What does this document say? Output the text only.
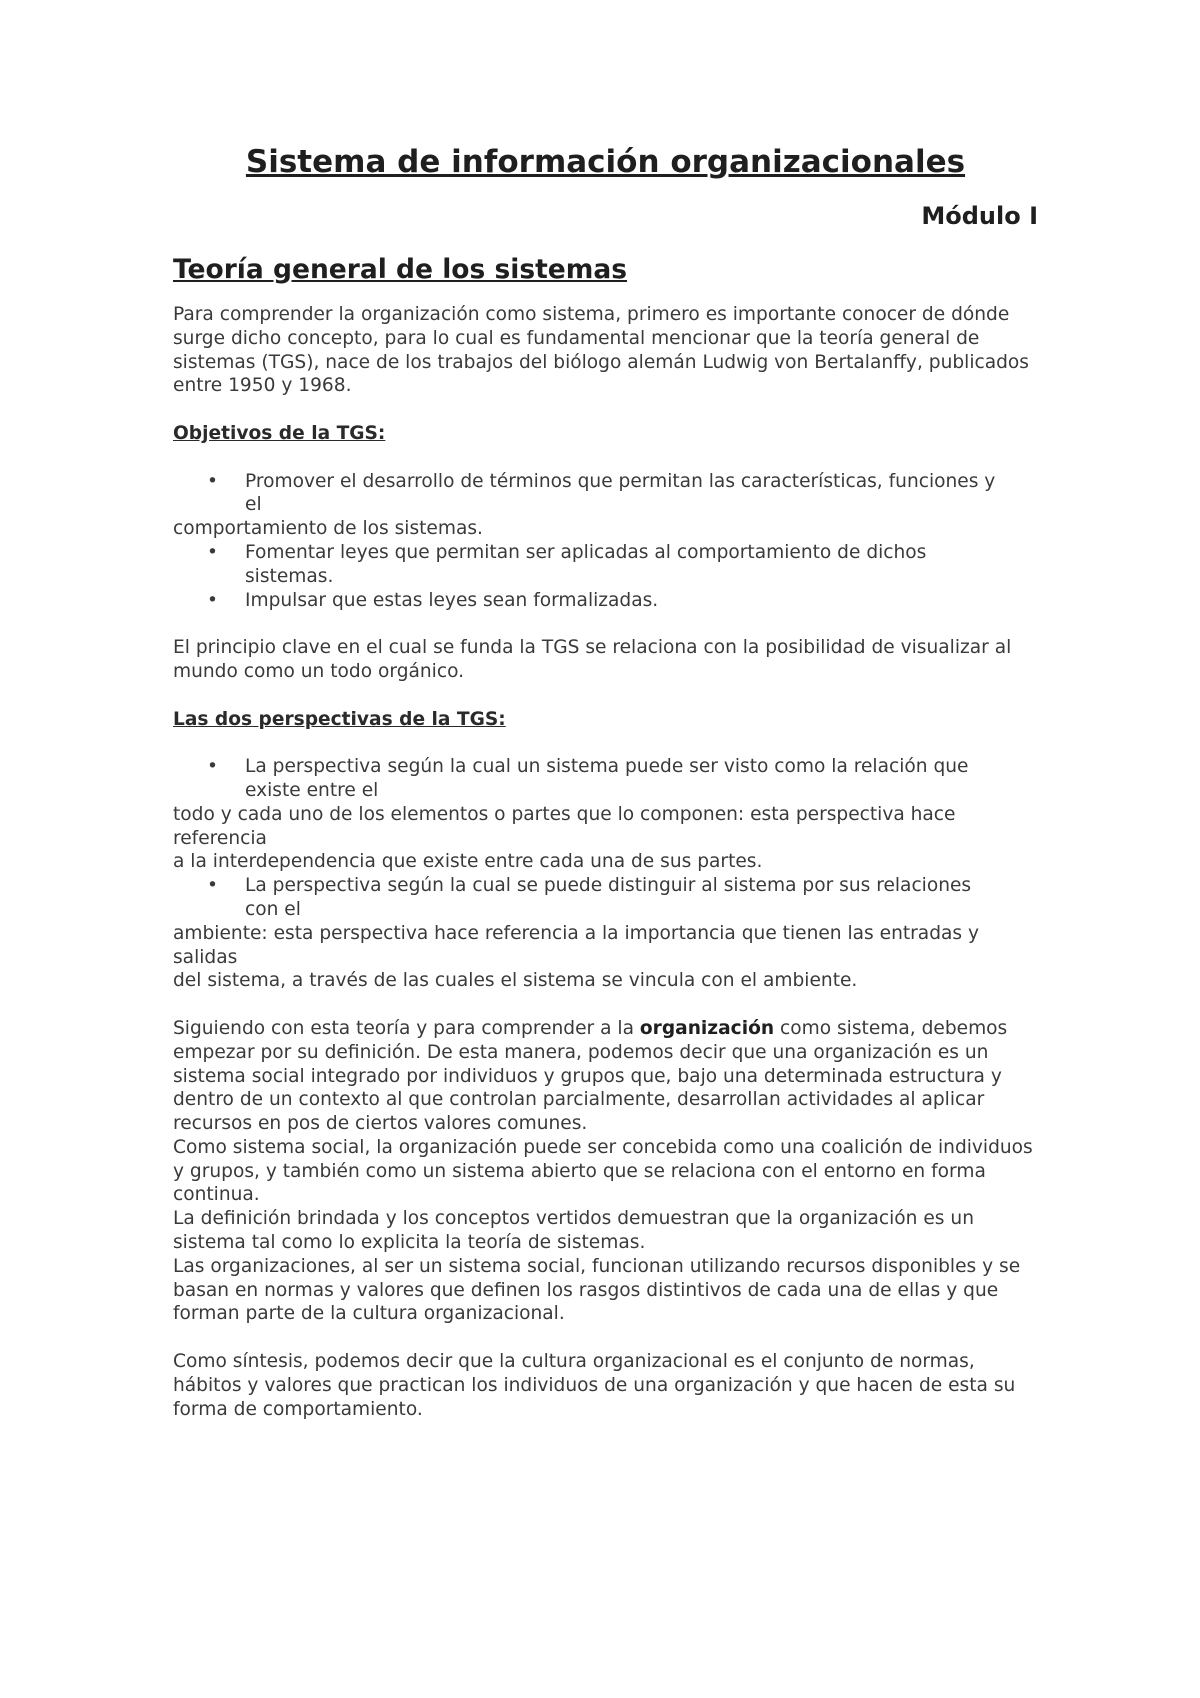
Sistema de información organizacionales
Módulo I
Teoría general de los sistemas

Para comprender la organización como sistema, primero es importante conocer de dónde surge dicho concepto, para lo cual es fundamental mencionar que la teoría general de sistemas (TGS), nace de los trabajos del biólogo alemán Ludwig von Bertalanffy, publicados entre 1950 y 1968.

Objetivos de la TGS:

• Promover el desarrollo de términos que permitan las características, funciones y el

comportamiento de los sistemas.

• Fomentar leyes que permitan ser aplicadas al comportamiento de dichos sistemas.
• Impulsar que estas leyes sean formalizadas.

El principio clave en el cual se funda la TGS se relaciona con la posibilidad de visualizar al mundo como un todo orgánico.

Las dos perspectivas de la TGS:

• La perspectiva según la cual un sistema puede ser visto como la relación que existe entre el

todo y cada uno de los elementos o partes que lo componen: esta perspectiva hace referencia

a la interdependencia que existe entre cada una de sus partes.

• La perspectiva según la cual se puede distinguir al sistema por sus relaciones con el

ambiente: esta perspectiva hace referencia a la importancia que tienen las entradas y salidas

del sistema, a través de las cuales el sistema se vincula con el ambiente.

Siguiendo con esta teoría y para comprender a la organización como sistema, debemos empezar por su definición. De esta manera, podemos decir que una organización es un sistema social integrado por individuos y grupos que, bajo una determinada estructura y dentro de un contexto al que controlan parcialmente, desarrollan actividades al aplicar recursos en pos de ciertos valores comunes.

Como sistema social, la organización puede ser concebida como una coalición de individuos y grupos, y también como un sistema abierto que se relaciona con el entorno en forma continua.

La definición brindada y los conceptos vertidos demuestran que la organización es un sistema tal como lo explicita la teoría de sistemas.

Las organizaciones, al ser un sistema social, funcionan utilizando recursos disponibles y se basan en normas y valores que definen los rasgos distintivos de cada una de ellas y que forman parte de la cultura organizacional.

Como síntesis, podemos decir que la cultura organizacional es el conjunto de normas, hábitos y valores que practican los individuos de una organización y que hacen de esta su forma de comportamiento.
